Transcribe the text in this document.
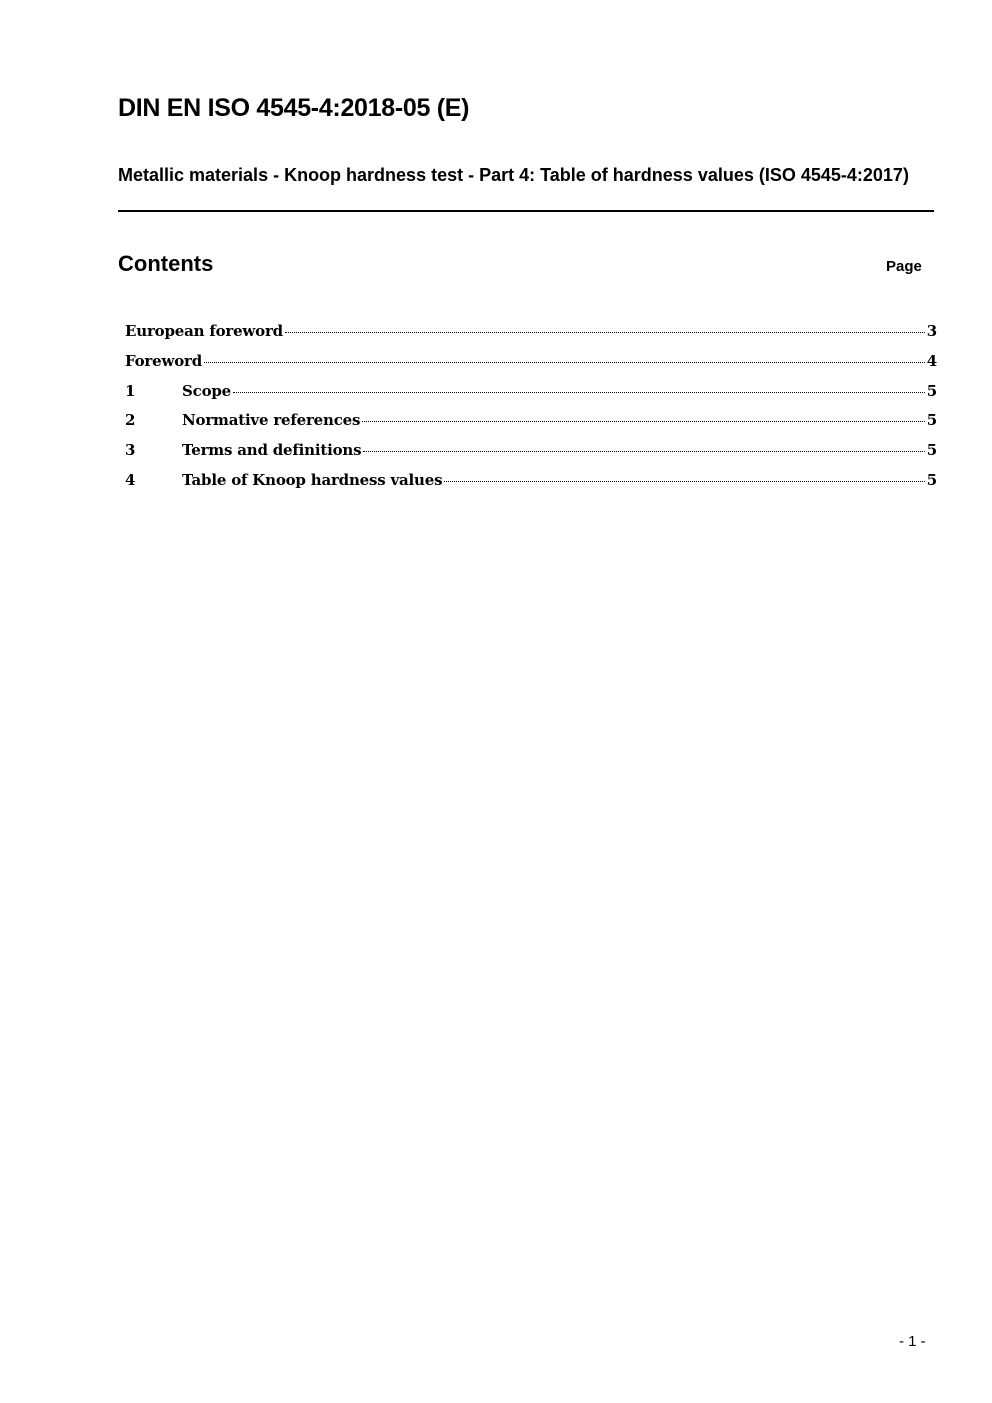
DIN EN ISO 4545-4:2018-05 (E)
Metallic materials - Knoop hardness test - Part 4: Table of hardness values (ISO 4545-4:2017)
Contents	Page
European foreword	3
Foreword	4
1	Scope	5
2	Normative references	5
3	Terms and definitions	5
4	Table of Knoop hardness values	5
- 1 -
